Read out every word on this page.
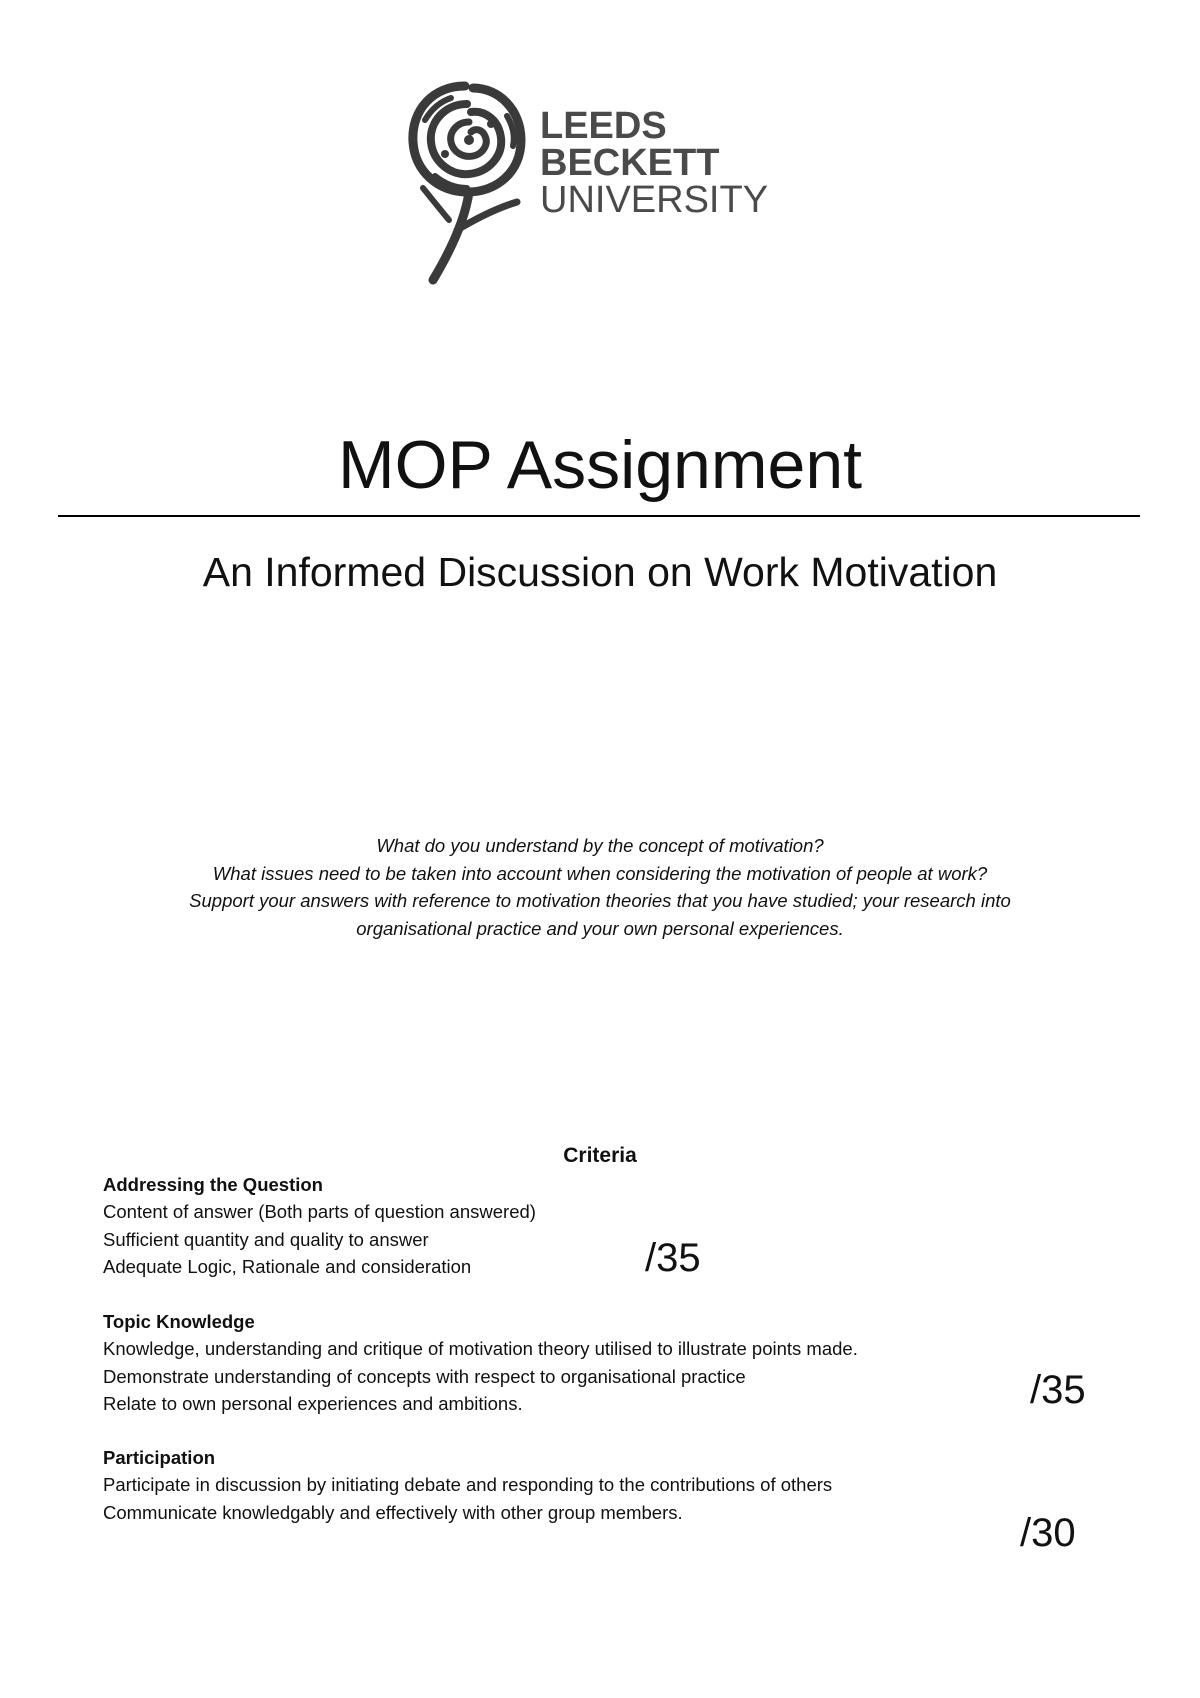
LEEDS
BECKETT
UNIVERSITY
MOP Assignment
An Informed Discussion on Work Motivation
What do you understand by the concept of motivation?
What issues need to be taken into account when considering the motivation of people at work?
Support your answers with reference to motivation theories that you have studied; your research into
organisational practice and your own personal experiences.
Criteria
Addressing the Question
Content of answer (Both parts of question answered)
Sufficient quantity and quality to answer
Adequate Logic, Rationale and consideration	/35
Topic Knowledge
Knowledge, understanding and critique of motivation theory utilised to illustrate points made.
Demonstrate understanding of concepts with respect to organisational practice
Relate to own personal experiences and ambitions.	/35
Participation
Participate in discussion by initiating debate and responding to the contributions of others
Communicate knowledgably and effectively with other group members.	/30
